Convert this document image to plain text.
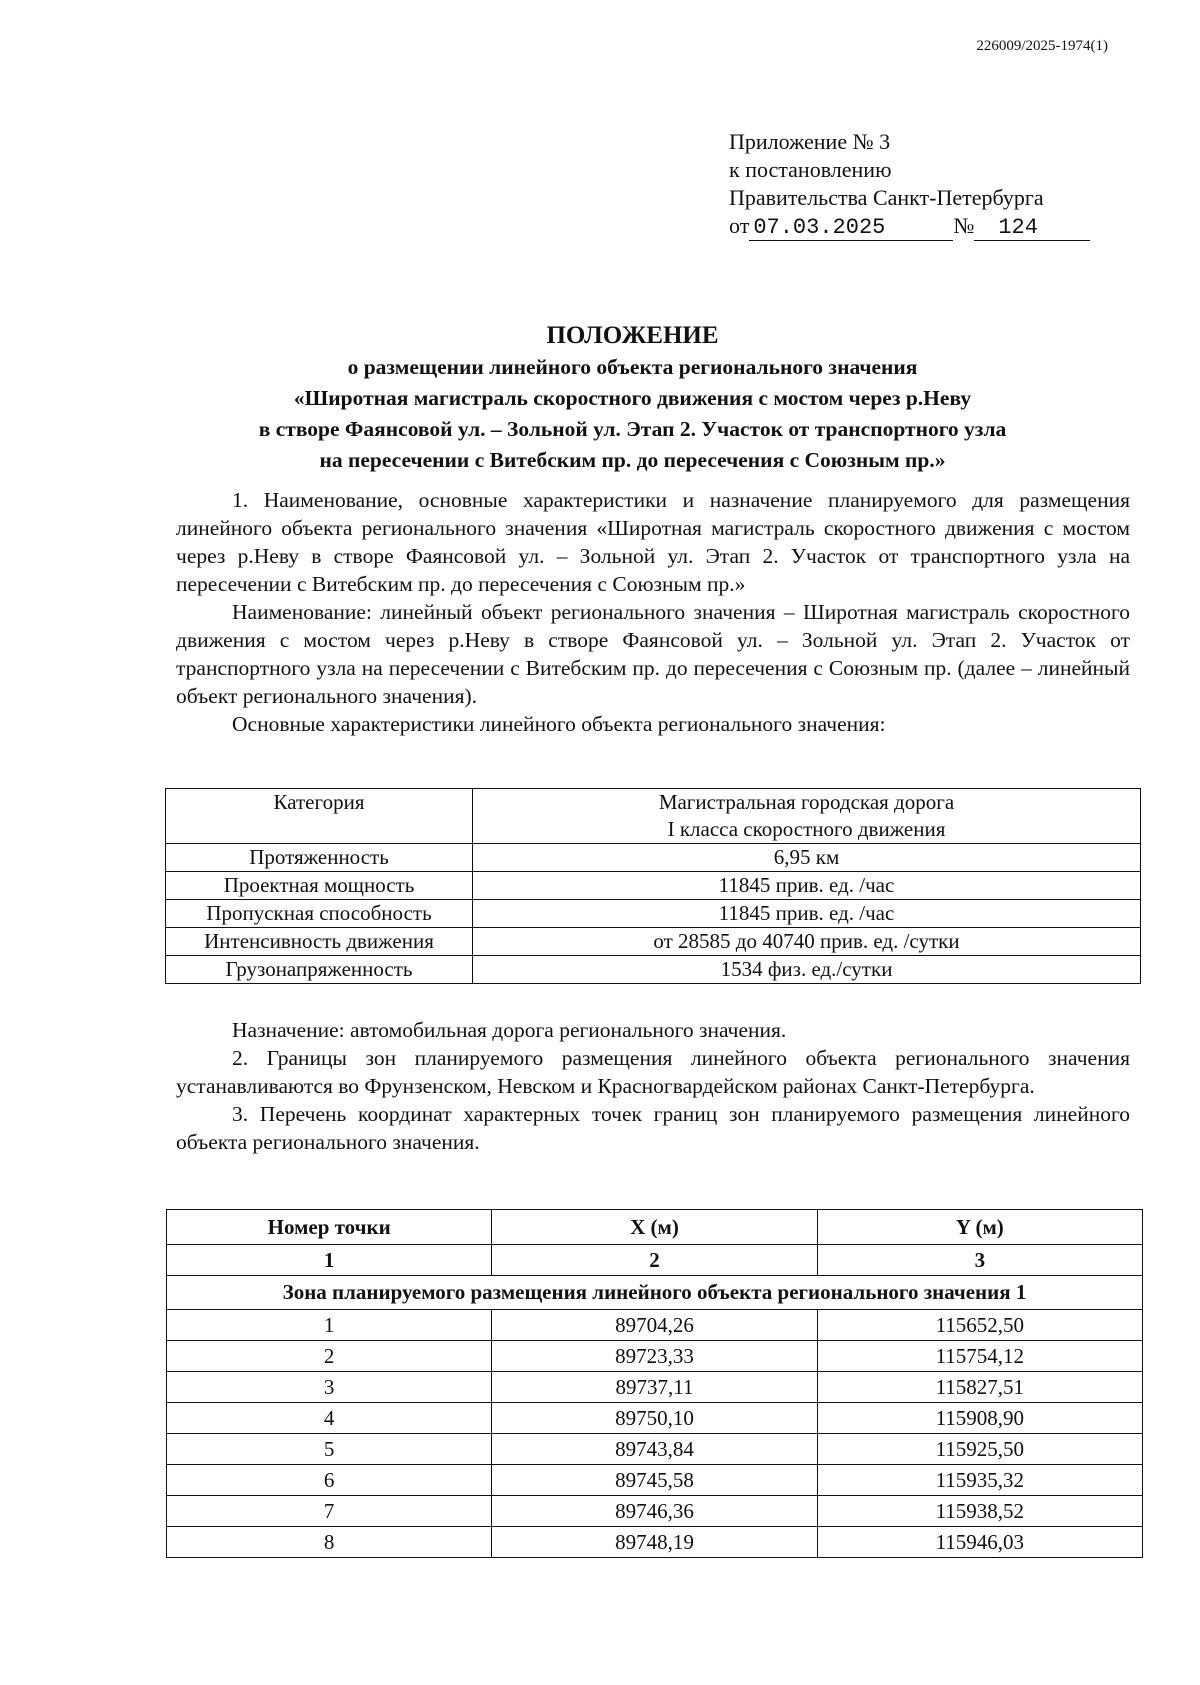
226009/2025-1974(1)
Приложение № 3
к постановлению
Правительства Санкт-Петербурга
от 07.03.2025	№ 124
ПОЛОЖЕНИЕ
о размещении линейного объекта регионального значения
«Широтная магистраль скоростного движения с мостом через р.Неву
в створе Фаянсовой ул. – Зольной ул. Этап 2. Участок от транспортного узла
на пересечении с Витебским пр. до пересечения с Союзным пр.»

1. Наименование, основные характеристики и назначение планируемого для размещения линейного объекта регионального значения «Широтная магистраль скоростного движения с мостом через р.Неву в створе Фаянсовой ул. – Зольной ул. Этап 2. Участок от транспортного узла на пересечении с Витебским пр. до пересечения с Союзным пр.»

Наименование: линейный объект регионального значения – Широтная магистраль скоростного движения с мостом через р.Неву в створе Фаянсовой ул. – Зольной ул. Этап 2. Участок от транспортного узла на пересечении с Витебским пр. до пересечения с Союзным пр. (далее – линейный объект регионального значения).

Основные характеристики линейного объекта регионального значения:

Категория	Магистральная городская дорога
I класса скоростного движения

Протяженность	6,95 км
Проектная мощность	11845 прив. ед. /час
Пропускная способность	11845 прив. ед. /час
Интенсивность движения	от 28585 до 40740 прив. ед. /сутки
Грузонапряженность	1534 физ. ед./сутки

Назначение: автомобильная дорога регионального значения.

2. Границы зон планируемого размещения линейного объекта регионального значения устанавливаются во Фрунзенском, Невском и Красногвардейском районах Санкт-Петербурга.

3. Перечень координат характерных точек границ зон планируемого размещения линейного объекта регионального значения.

Номер точки	X (м)	Y (м)
1	2	3
Зона планируемого размещения линейного объекта регионального значения 1		
1	89704,26	115652,50
2	89723,33	115754,12
3	89737,11	115827,51
4	89750,10	115908,90
5	89743,84	115925,50
6	89745,58	115935,32
7	89746,36	115938,52
8	89748,19	115946,03
